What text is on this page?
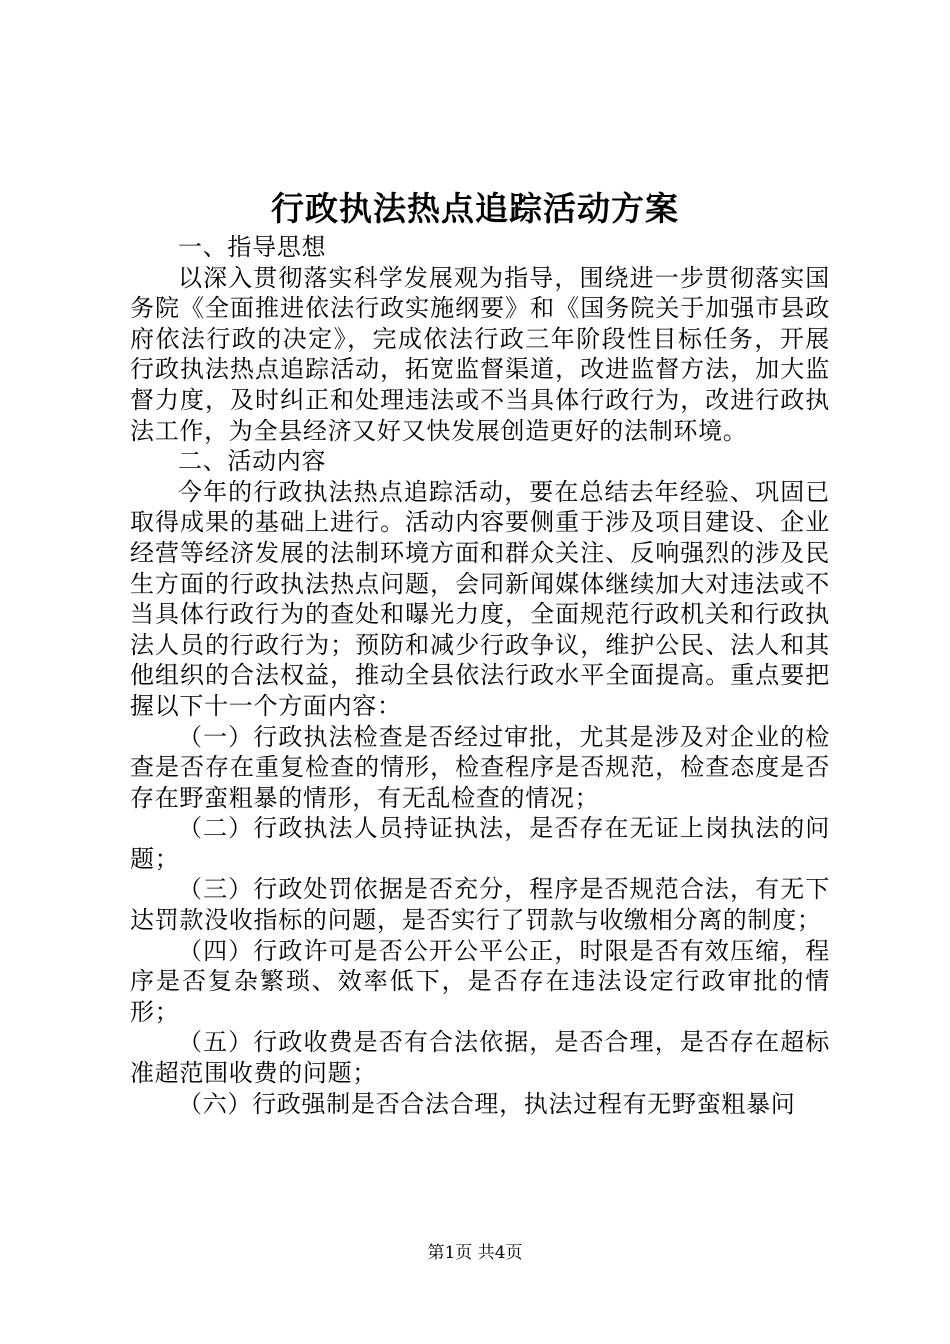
行政执法热点追踪活动方案

一、指导思想

以深入贯彻落实科学发展观为指导，围绕进一步贯彻落实国务院《全面推进依法行政实施纲要》和《国务院关于加强市县政府依法行政的决定》，完成依法行政三年阶段性目标任务，开展行政执法热点追踪活动，拓宽监督渠道，改进监督方法，加大监督力度，及时纠正和处理违法或不当具体行政行为，改进行政执法工作，为全县经济又好又快发展创造更好的法制环境。

二、活动内容

今年的行政执法热点追踪活动，要在总结去年经验、巩固已取得成果的基础上进行。活动内容要侧重于涉及项目建设、企业经营等经济发展的法制环境方面和群众关注、反响强烈的涉及民生方面的行政执法热点问题，会同新闻媒体继续加大对违法或不当具体行政行为的查处和曝光力度，全面规范行政机关和行政执法人员的行政行为；预防和减少行政争议，维护公民、法人和其他组织的合法权益，推动全县依法行政水平全面提高。重点要把握以下十一个方面内容：

（一）行政执法检查是否经过审批，尤其是涉及对企业的检查是否存在重复检查的情形，检查程序是否规范，检查态度是否存在野蛮粗暴的情形，有无乱检查的情况；

（二）行政执法人员持证执法，是否存在无证上岗执法的问题；

（三）行政处罚依据是否充分，程序是否规范合法，有无下达罚款没收指标的问题，是否实行了罚款与收缴相分离的制度；

（四）行政许可是否公开公平公正，时限是否有效压缩，程序是否复杂繁琐、效率低下，是否存在违法设定行政审批的情形；

（五）行政收费是否有合法依据，是否合理，是否存在超标准超范围收费的问题；

（六）行政强制是否合法合理，执法过程有无野蛮粗暴问

第1页 共4页
